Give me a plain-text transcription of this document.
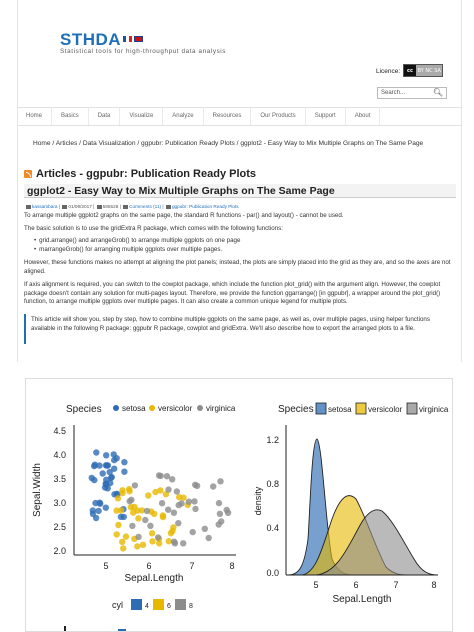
STHDA
Statistical tools for high-throughput data analysis
Licence:	cc BY NC SA
Search...	🔍︎
Home	Basics	Data	Visualize	Analyze	Resources	Our Products	Support	About
Home / Articles / Data Visualization / ggpubr: Publication Ready Plots / ggplot2 - Easy Way to Mix Multiple Graphs on The Same Page
Articles - ggpubr: Publication Ready Plots
ggplot2 - Easy Way to Mix Multiple Graphs on The Same Page
kassambara | 01/09/2017 | 585528 | Comments (11) | ggpubr: Publication Ready Plots
To arrange multiple ggplot2 graphs on the same page, the standard R functions - par() and layout() - cannot be used.
The basic solution is to use the gridExtra R package, which comes with the following functions:
• grid.arrange() and arrangeGrob() to arrange multiple ggplots on one page
• marrangeGrob() for arranging multiple ggplots over multiple pages.
However, these functions makes no attempt at aligning the plot panels; instead, the plots are simply placed into the grid as they are, and so the axes are not aligned.
If axis alignment is required, you can switch to the cowplot package, which include the function plot_grid() with the argument align. However, the cowplot package doesn't contain any solution for multi-pages layout. Therefore, we provide the function ggarrange() [in ggpubr], a wrapper around the plot_grid() function, to arrange multiple ggplots over multiple pages. It can also create a common unique legend for multiple plots.
This article will show you, step by step, how to combine multiple ggplots on the same page, as well as, over multiple pages, using helper functions available in the following R package: ggpubr R package, cowplot and gridExtra. We'll also describe how to export the arranged plots to a file.
Species	setosa versicolor virginica
4.5
4.0
3.5
3.0
2.5
2.0
5	6	7	8
Sepal.Length
Sepal.Width
Species setosa versicolor virginica
1.2
0.8
0.4
0.0
5	6	7	8
Sepal.Length
density
cyl	4	6	8
